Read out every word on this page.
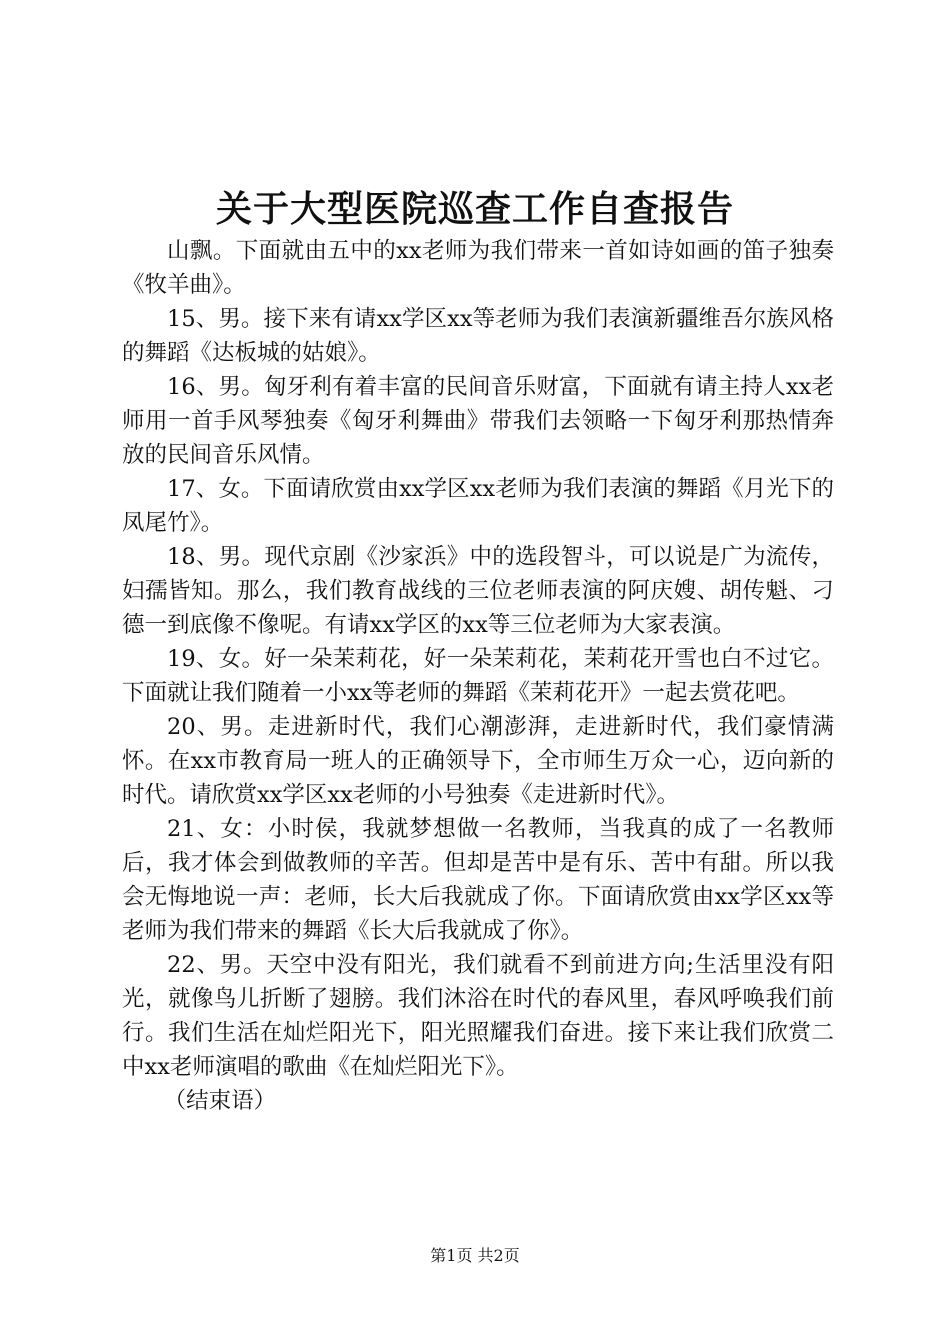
关于大型医院巡查工作自查报告

山飘。下面就由五中的xx老师为我们带来一首如诗如画的笛子独奏《牧羊曲》。

15、男。接下来有请xx学区xx等老师为我们表演新疆维吾尔族风格的舞蹈《达板城的姑娘》。

16、男。匈牙利有着丰富的民间音乐财富，下面就有请主持人xx老师用一首手风琴独奏《匈牙利舞曲》带我们去领略一下匈牙利那热情奔放的民间音乐风情。

17、女。下面请欣赏由xx学区xx老师为我们表演的舞蹈《月光下的凤尾竹》。

18、男。现代京剧《沙家浜》中的选段智斗，可以说是广为流传，妇孺皆知。那么，我们教育战线的三位老师表演的阿庆嫂、胡传魁、刁德一到底像不像呢。有请xx学区的xx等三位老师为大家表演。

19、女。好一朵茉莉花，好一朵茉莉花，茉莉花开雪也白不过它。下面就让我们随着一小xx等老师的舞蹈《茉莉花开》一起去赏花吧。

20、男。走进新时代，我们心潮澎湃，走进新时代，我们豪情满怀。在xx市教育局一班人的正确领导下，全市师生万众一心，迈向新的时代。请欣赏xx学区xx老师的小号独奏《走进新时代》。

21、女：小时侯，我就梦想做一名教师，当我真的成了一名教师后，我才体会到做教师的辛苦。但却是苦中是有乐、苦中有甜。所以我会无悔地说一声：老师，长大后我就成了你。下面请欣赏由xx学区xx等老师为我们带来的舞蹈《长大后我就成了你》。

22、男。天空中没有阳光，我们就看不到前进方向;生活里没有阳光，就像鸟儿折断了翅膀。我们沐浴在时代的春风里，春风呼唤我们前行。我们生活在灿烂阳光下，阳光照耀我们奋进。接下来让我们欣赏二中xx老师演唱的歌曲《在灿烂阳光下》。

（结束语）

第1页 共2页
